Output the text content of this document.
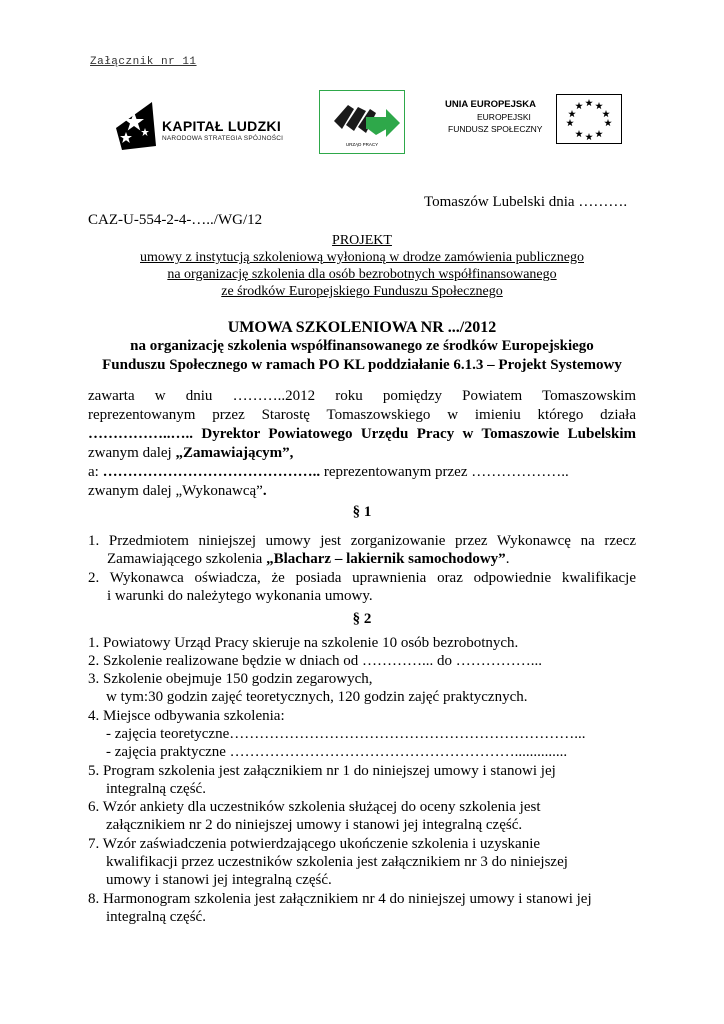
Załącznik nr 11
KAPITAŁ LUDZKI
NARODOWA STRATEGIA SPÓJNOŚCI
URZĄD PRACY
UNIA EUROPEJSKA
EUROPEJSKI
FUNDUSZ SPOŁECZNY
Tomaszów Lubelski dnia ……….
CAZ-U-554-2-4-…../WG/12
PROJEKT
umowy z instytucją szkoleniową wyłonioną w drodze zamówienia publicznego
na organizację szkolenia dla osób bezrobotnych współfinansowanego
ze środków Europejskiego Funduszu Społecznego
UMOWA SZKOLENIOWA NR .../2012
na organizację szkolenia współfinansowanego ze środków Europejskiego
Funduszu Społecznego w ramach PO KL poddziałanie 6.1.3 – Projekt Systemowy
zawarta w dniu ………..2012 roku pomiędzy Powiatem Tomaszowskim
reprezentowanym przez Starostę Tomaszowskiego w imieniu którego działa
……………..….. Dyrektor Powiatowego Urzędu Pracy w Tomaszowie Lubelskim
zwanym dalej „Zamawiającym”,
a: …………………………………….. reprezentowanym przez ………………..
zwanym dalej „Wykonawcą”.
§ 1
1. Przedmiotem niniejszej umowy jest zorganizowanie przez Wykonawcę na rzecz
Zamawiającego szkolenia „Blacharz – lakiernik samochodowy”.
2. Wykonawca oświadcza, że posiada uprawnienia oraz odpowiednie kwalifikacje
i warunki do należytego wykonania umowy.
§ 2
1. Powiatowy Urząd Pracy skieruje na szkolenie 10 osób bezrobotnych.
2. Szkolenie realizowane będzie w dniach od …………... do ……………...
3. Szkolenie obejmuje 150 godzin zegarowych,
w tym:30 godzin zajęć teoretycznych, 120 godzin zajęć praktycznych.
4. Miejsce odbywania szkolenia:
- zajęcia teoretyczne……………………………………………………………...
- zajęcia praktyczne …………………………………………………..............
5. Program szkolenia jest załącznikiem nr 1 do niniejszej umowy i stanowi jej
integralną część.
6. Wzór ankiety dla uczestników szkolenia służącej do oceny szkolenia jest
załącznikiem nr 2 do niniejszej umowy i stanowi jej integralną część.
7. Wzór zaświadczenia potwierdzającego ukończenie szkolenia i uzyskanie
kwalifikacji przez uczestników szkolenia jest załącznikiem nr 3 do niniejszej
umowy i stanowi jej integralną część.
8. Harmonogram szkolenia jest załącznikiem nr 4 do niniejszej umowy i stanowi jej
integralną część.
